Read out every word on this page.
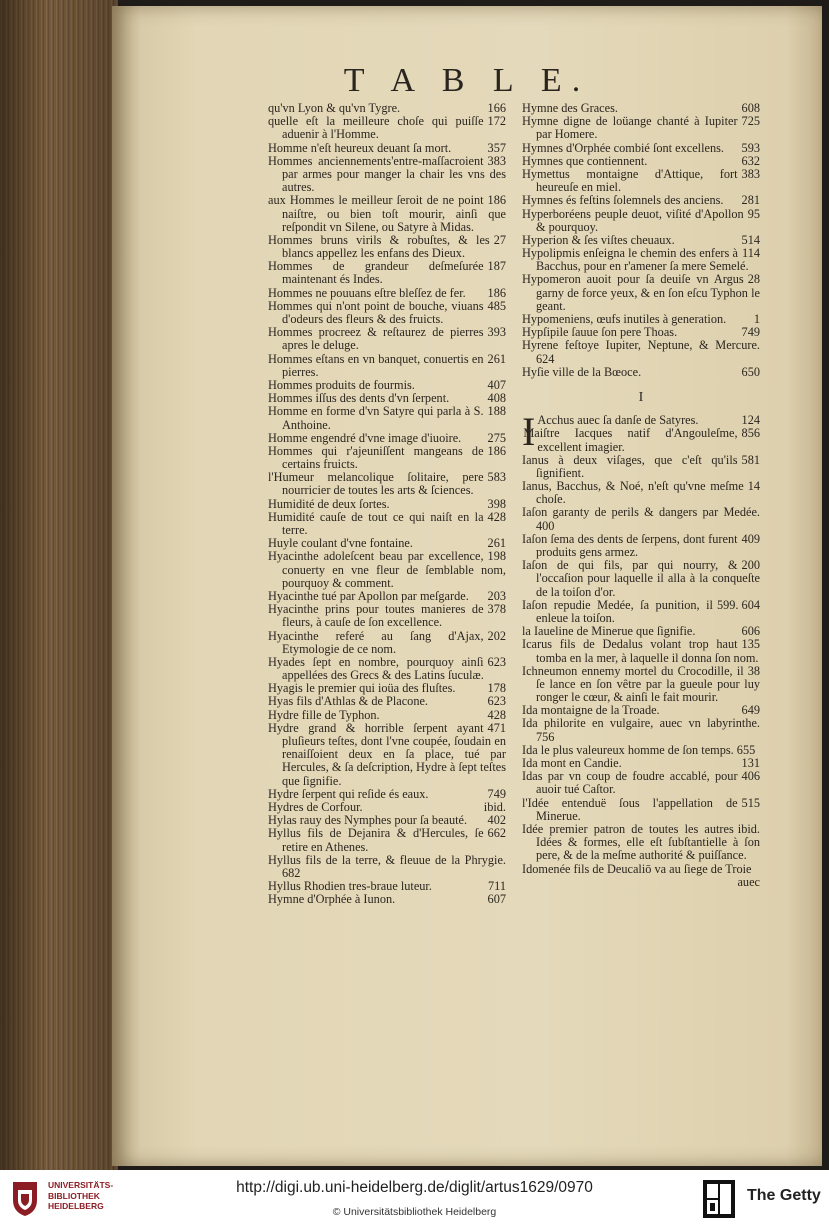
T A B L E.
166
qu'vn Lyon & qu'vn Tygre.
172
quelle eſt la meilleure choſe qui puiſſe aduenir à l'Homme.
357
Homme n'eſt heureux deuant ſa mort.
383
Hommes anciennements'entre-maſſacroient par armes pour manger la chair les vns des autres.
186
aux Hommes le meilleur ſeroit de ne point naiſtre, ou bien toſt mourir, ainſi que reſpondit vn Silene, ou Satyre à Midas.
27
Hommes bruns virils & robuſtes, & les blancs appellez les enfans des Dieux.
187
Hommes de grandeur deſmeſurée maintenant és Indes.
186
Hommes ne pouuans eſtre bleſſez de fer.
485
Hommes qui n'ont point de bouche, viuans d'odeurs des fleurs & des fruicts.
393
Hommes procreez & reſtaurez de pierres apres le deluge.
261
Hommes eſtans en vn banquet, conuertis en pierres.
407
Hommes produits de fourmis.
408
Hommes iſſus des dents d'vn ſerpent.
188
Homme en forme d'vn Satyre qui parla à S. Anthoine.
275
Homme engendré d'vne image d'iuoire.
186
Hommes qui r'ajeuniſſent mangeans de certains fruicts.
583
l'Humeur melancolique ſolitaire, pere nourricier de toutes les arts & ſciences.
398
Humidité de deux ſortes.
428
Humidité cauſe de tout ce qui naiſt en la terre.
261
Huyle coulant d'vne fontaine.
198
Hyacinthe adoleſcent beau par excellence, conuerty en vne fleur de ſemblable nom, pourquoy & comment.
203
Hyacinthe tué par Apollon par meſgarde.
378
Hyacinthe prins pour toutes manieres de fleurs, à cauſe de ſon excellence.
202
Hyacinthe referé au ſang d'Ajax, Etymologie de ce nom.
623
Hyades ſept en nombre, pourquoy ainſi appellées des Grecs & des Latins ſuculæ.
178
Hyagis le premier qui ioüa des fluſtes.
623
Hyas fils d'Athlas & de Placone.
428
Hydre fille de Typhon.
471
Hydre grand & horrible ſerpent ayant pluſieurs teſtes, dont l'vne coupée, ſoudain en renaiſſoient deux en ſa place, tué par Hercules, & ſa deſcription, Hydre à ſept teſtes que ſignifie.
749
Hydre ſerpent qui reſide és eaux.
ibid.
Hydres de Corfour.
402
Hylas rauy des Nymphes pour ſa beauté.
662
Hyllus fils de Dejanira & d'Hercules, ſe retire en Athenes.
Hyllus fils de la terre, & fleuue de la Phrygie. 682
711
Hyllus Rhodien tres-braue luteur.
607
Hymne d'Orphée à Iunon.
608
Hymne des Graces.
725
Hymne digne de loüange chanté à Iupiter par Homere.
593
Hymnes d'Orphée combié ſont excellens.
632
Hymnes que contiennent.
383
Hymettus montaigne d'Attique, fort heureuſe en miel.
281
Hymnes és feſtins ſolemnels des anciens.
95
Hyperboréens peuple deuot, viſité d'Apollon & pourquoy.
514
Hyperion & ſes viſtes cheuaux.
114
Hypolipmis enſeigna le chemin des enfers à Bacchus, pour en r'amener ſa mere Semelé.
28
Hypomeron auoit pour ſa deuiſe vn Argus garny de force yeux, & en ſon eſcu Typhon le geant.
1
Hypomeniens, œufs inutiles à generation.
749
Hypſipile ſauue ſon pere Thoas.
Hyrene feſtoye Iupiter, Neptune, & Mercure. 624
650
Hyſie ville de la Bœoce.
I
I	124
Acchus auec ſa danſe de Satyres.
856
Maiſtre Iacques natif d'Angouleſme, excellent imagier.
581
Ianus à deux viſages, que c'eſt qu'ils ſignifient.
14
Ianus, Bacchus, & Noé, n'eſt qu'vne meſme choſe.
Iaſon garanty de perils & dangers par Medée. 400
409
Iaſon ſema des dents de ſerpens, dont furent produits gens armez.
200
Iaſon de qui fils, par qui nourry, & l'occaſion pour laquelle il alla à la conqueſte de la toiſon d'or.
599. 604
Iaſon repudie Medée, ſa punition, il enleue la toiſon.
606
la Iaueline de Minerue que ſignifie.
135
Icarus fils de Dedalus volant trop haut tomba en la mer, à laquelle il donna ſon nom.
38
Ichneumon ennemy mortel du Crocodille, il ſe lance en ſon vêtre par la gueule pour luy ronger le cœur, & ainſi le fait mourir.
649
Ida montaigne de la Troade.
Ida philorite en vulgaire, auec vn labyrinthe. 756
Ida le plus valeureux homme de ſon temps. 655
131
Ida mont en Candie.
406
Idas par vn coup de foudre accablé, pour auoir tué Caſtor.
515
l'Idée entenduë ſous l'appellation de Minerue.
ibid.
Idée premier patron de toutes les autres Idées & formes, elle eſt ſubſtantielle à ſon pere, & de la meſme authorité & puiſſance.
Idomenée fils de Deucaliō va au ſiege de Troie
auec
UNIVERSITÄTS-
BIBLIOTHEK
HEIDELBERG
http://digi.ub.uni-heidelberg.de/diglit/artus1629/0970
© Universitätsbibliothek Heidelberg
The Getty
